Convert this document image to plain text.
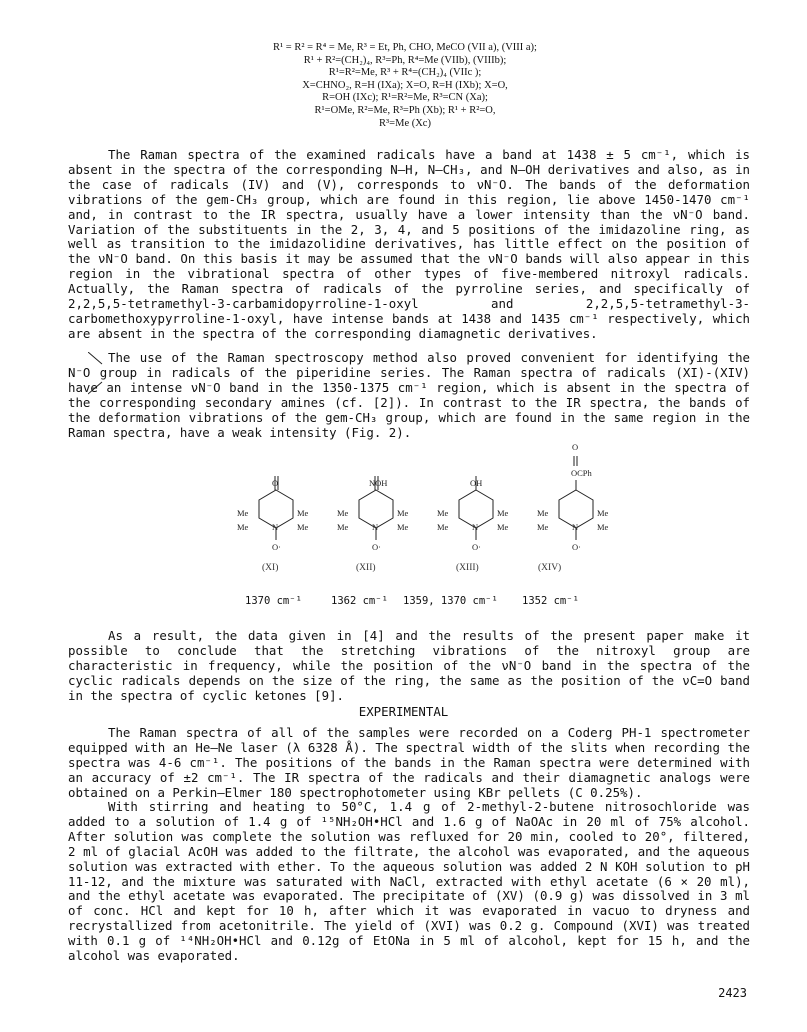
R¹ = R² = R⁴ = Me, R³ = Et, Ph, CHO, MeCO (VII a), (VIII a);
R¹ + R²=(CH₂)₄, R³=Ph, R⁴=Me (VIIb), (VIIIb);
R¹=R²=Me, R³ + R⁴=(CH₂)₄ (VIIc );
X=CHNO₂, R=H (IXa); X=O, R=H (IXb); X=O,
R=OH (IXc); R¹=R²=Me, R³=CN (Xa);
R¹=OMe, R²=Me, R³=Ph (Xb); R¹ + R²=O,
R³=Me (Xc)

The Raman spectra of the examined radicals have a band at 1438 ± 5 cm⁻¹, which is absent in the spectra of the corresponding N–H, N–CH₃, and N–OH derivatives and also, as in the case of radicals (IV) and (V), corresponds to νN⁻O. The bands of the deformation vibrations of the gem-CH₃ group, which are found in this region, lie above 1450-1470 cm⁻¹ and, in contrast to the IR spectra, usually have a lower intensity than the νN⁻O band. Variation of the substituents in the 2, 3, 4, and 5 positions of the imidazoline ring, as well as transition to the imidazolidine derivatives, has little effect on the position of the νN⁻O band. On this basis it may be assumed that the νN⁻O bands will also appear in this region in the vibrational spectra of other types of five-membered nitroxyl radicals. Actually, the Raman spectra of radicals of the pyrroline series, and specifically of 2,2,5,5-tetramethyl-3-carbamidopyrroline-1-oxyl and 2,2,5,5-tetramethyl-3-carbomethoxypyrroline-1-oxyl, have intense bands at 1438 and 1435 cm⁻¹ respectively, which are absent in the spectra of the corresponding diamagnetic derivatives.

The use of the Raman spectroscopy method also proved convenient for identifying the N⁻O group in radicals of the piperidine series. The Raman spectra of radicals (XI)-(XIV) have an intense νN⁻O band in the 1350-1375 cm⁻¹ region, which is absent in the spectra of the corresponding secondary amines (cf. [2]). In contrast to the IR spectra, the bands of the deformation vibrations of the gem-CH₃ group, which are found in the same region in the Raman spectra, have a weak intensity (Fig. 2).

O
Me	Me
Me	Me
N
O·
NOH
Me	Me
Me	Me
N
O·
OH
Me	Me
Me	Me
N
O·
O
OCPh
Me	Me
Me	Me
N
O·
(XI)	(XII)	(XIII)	(XIV)
1370 cm⁻¹	1362 cm⁻¹ 1359, 1370 cm⁻¹ 1352 cm⁻¹

As a result, the data given in [4] and the results of the present paper make it possible to conclude that the stretching vibrations of the nitroxyl group are characteristic in frequency, while the position of the νN⁻O band in the spectra of the cyclic radicals depends on the size of the ring, the same as the position of the νC=O band in the spectra of cyclic ketones [9].

EXPERIMENTAL

The Raman spectra of all of the samples were recorded on a Coderg PH-1 spectrometer equipped with an He–Ne laser (λ 6328 Å). The spectral width of the slits when recording the spectra was 4-6 cm⁻¹. The positions of the bands in the Raman spectra were determined with an accuracy of ±2 cm⁻¹. The IR spectra of the radicals and their diamagnetic analogs were obtained on a Perkin–Elmer 180 spectrophotometer using KBr pellets (C 0.25%).

With stirring and heating to 50°C, 1.4 g of 2-methyl-2-butene nitrosochloride was added to a solution of 1.4 g of ¹⁵NH₂OH•HCl and 1.6 g of NaOAc in 20 ml of 75% alcohol. After solution was complete the solution was refluxed for 20 min, cooled to 20°, filtered, 2 ml of glacial AcOH was added to the filtrate, the alcohol was evaporated, and the aqueous solution was extracted with ether. To the aqueous solution was added 2 N KOH solution to pH 11-12, and the mixture was saturated with NaCl, extracted with ethyl acetate (6 × 20 ml), and the ethyl acetate was evaporated. The precipitate of (XV) (0.9 g) was dissolved in 3 ml of conc. HCl and kept for 10 h, after which it was evaporated in vacuo to dryness and recrystallized from acetonitrile. The yield of (XVI) was 0.2 g. Compound (XVI) was treated with 0.1 g of ¹⁴NH₂OH•HCl and 0.12g of EtONa in 5 ml of alcohol, kept for 15 h, and the alcohol was evaporated.

2423
